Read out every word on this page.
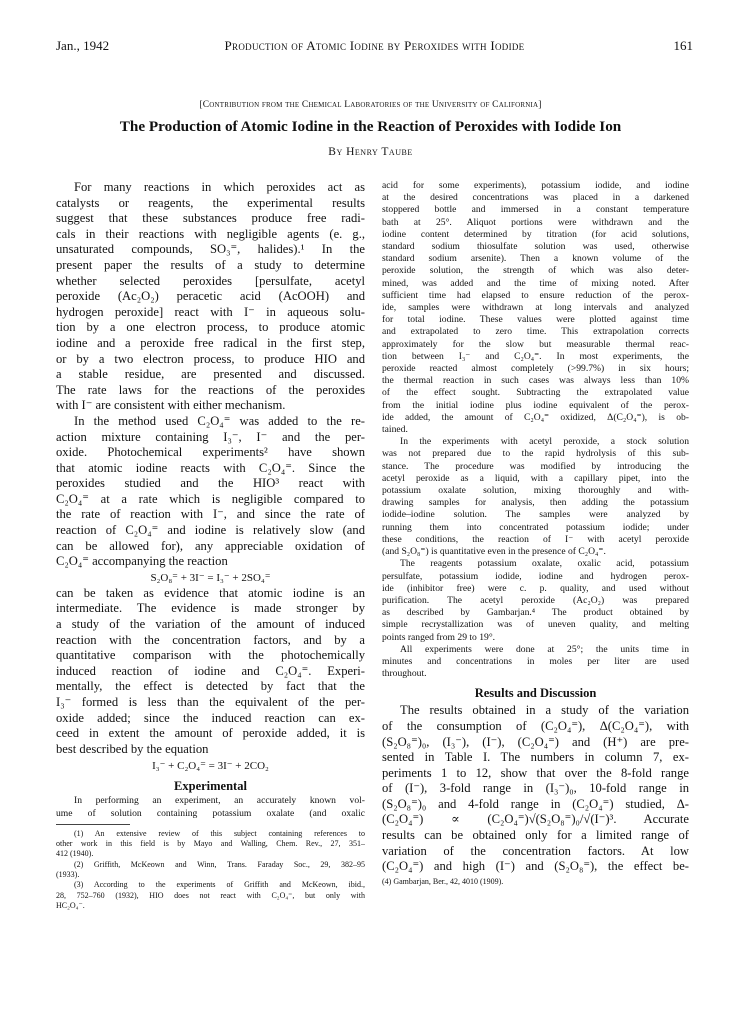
Jan., 1942	Production of Atomic Iodine by Peroxides with Iodide	161
[Contribution from the Chemical Laboratories of the University of California]
The Production of Atomic Iodine in the Reaction of Peroxides with Iodide Ion
By Henry Taube
For many reactions in which peroxides act as
catalysts or reagents, the experimental results
suggest that these substances produce free radi-
cals in their reactions with negligible agents (e. g.,
unsaturated compounds, SO₃⁼, halides).¹ In the
present paper the results of a study to determine
whether selected peroxides [persulfate, acetyl
peroxide (Ac₂O₂) peracetic acid (AcOOH) and
hydrogen peroxide] react with I⁻ in aqueous solu-
tion by a one electron process, to produce atomic
iodine and a peroxide free radical in the first step,
or by a two electron process, to produce HIO and
a stable residue, are presented and discussed.
The rate laws for the reactions of the peroxides
with I⁻ are consistent with either mechanism.
In the method used C₂O₄⁼ was added to the re-
action mixture containing I₃⁻, I⁻ and the per-
oxide. Photochemical experiments² have shown
that atomic iodine reacts with C₂O₄⁼. Since the
peroxides studied and the HIO³ react with
C₂O₄⁼ at a rate which is negligible compared to
the rate of reaction with I⁻, and since the rate of
reaction of C₂O₄⁼ and iodine is relatively slow (and
can be allowed for), any appreciable oxidation of
C₂O₄⁼ accompanying the reaction
S₂O₈⁼ + 3I⁻ = I₃⁻ + 2SO₄⁼
can be taken as evidence that atomic iodine is an
intermediate. The evidence is made stronger by
a study of the variation of the amount of induced
reaction with the concentration factors, and by a
quantitative comparison with the photochemically
induced reaction of iodine and C₂O₄⁼. Experi-
mentally, the effect is detected by fact that the
I₃⁻ formed is less than the equivalent of the per-
oxide added; since the induced reaction can ex-
ceed in extent the amount of peroxide added, it is
best described by the equation
I₃⁻ + C₂O₄⁼ = 3I⁻ + 2CO₂
Experimental
In performing an experiment, an accurately known vol-
ume of solution containing potassium oxalate (and oxalic
(1) An extensive review of this subject containing references to
other work in this field is by Mayo and Walling, Chem. Rev., 27, 351–
412 (1940).
(2) Griffith, McKeown and Winn, Trans. Faraday Soc., 29, 382–95
(1933).
(3) According to the experiments of Griffith and McKeown, ibid.,
28, 752–760 (1932), HIO does not react with C₂O₄⁼, but only with
HC₂O₄⁻.
acid for some experiments), potassium iodide, and iodine
at the desired concentrations was placed in a darkened
stoppered bottle and immersed in a constant temperature
bath at 25°. Aliquot portions were withdrawn and the
iodine content determined by titration (for acid solutions,
standard sodium thiosulfate solution was used, otherwise
standard sodium arsenite). Then a known volume of the
peroxide solution, the strength of which was also deter-
mined, was added and the time of mixing noted. After
sufficient time had elapsed to ensure reduction of the perox-
ide, samples were withdrawn at long intervals and analyzed
for total iodine. These values were plotted against time
and extrapolated to zero time. This extrapolation corrects
approximately for the slow but measurable thermal reac-
tion between I₃⁻ and C₂O₄⁼. In most experiments, the
peroxide reacted almost completely (>99.7%) in six hours;
the thermal reaction in such cases was always less than 10%
of the effect sought. Subtracting the extrapolated value
from the initial iodine plus iodine equivalent of the perox-
ide added, the amount of C₂O₄⁼ oxidized, Δ(C₂O₄⁼), is ob-
tained.
In the experiments with acetyl peroxide, a stock solution
was not prepared due to the rapid hydrolysis of this sub-
stance. The procedure was modified by introducing the
acetyl peroxide as a liquid, with a capillary pipet, into the
potassium oxalate solution, mixing thoroughly and with-
drawing samples for analysis, then adding the potassium
iodide–iodine solution. The samples were analyzed by
running them into concentrated potassium iodide; under
these conditions, the reaction of I⁻ with acetyl peroxide
(and S₂O₈⁼) is quantitative even in the presence of C₂O₄⁼.
The reagents potassium oxalate, oxalic acid, potassium
persulfate, potassium iodide, iodine and hydrogen perox-
ide (inhibitor free) were c. p. quality, and used without
purification. The acetyl peroxide (Ac₂O₂) was prepared
as described by Gambarjan.⁴ The product obtained by
simple recrystallization was of uneven quality, and melting
points ranged from 29 to 19°.
All experiments were done at 25°; the units time in
minutes and concentrations in moles per liter are used
throughout.
Results and Discussion
The results obtained in a study of the variation
of the consumption of (C₂O₄⁼), Δ(C₂O₄⁼), with
(S₂O₈⁼)₀, (I₃⁻), (I⁻), (C₂O₄⁼) and (H⁺) are pre-
sented in Table I. The numbers in column 7, ex-
periments 1 to 12, show that over the 8-fold range
of (I⁻), 3-fold range in (I₃⁻)₀, 10-fold range in
(S₂O₈⁼)₀ and 4-fold range in (C₂O₄⁼) studied, Δ-
(C₂O₄⁼) ∝ (C₂O₄⁼)√(S₂O₈⁼)₀/√(I⁻)³. Accurate
results can be obtained only for a limited range of
variation of the concentration factors. At low
(C₂O₄⁼) and high (I⁻) and (S₂O₈⁼), the effect be-
(4) Gambarjan, Ber., 42, 4010 (1909).
